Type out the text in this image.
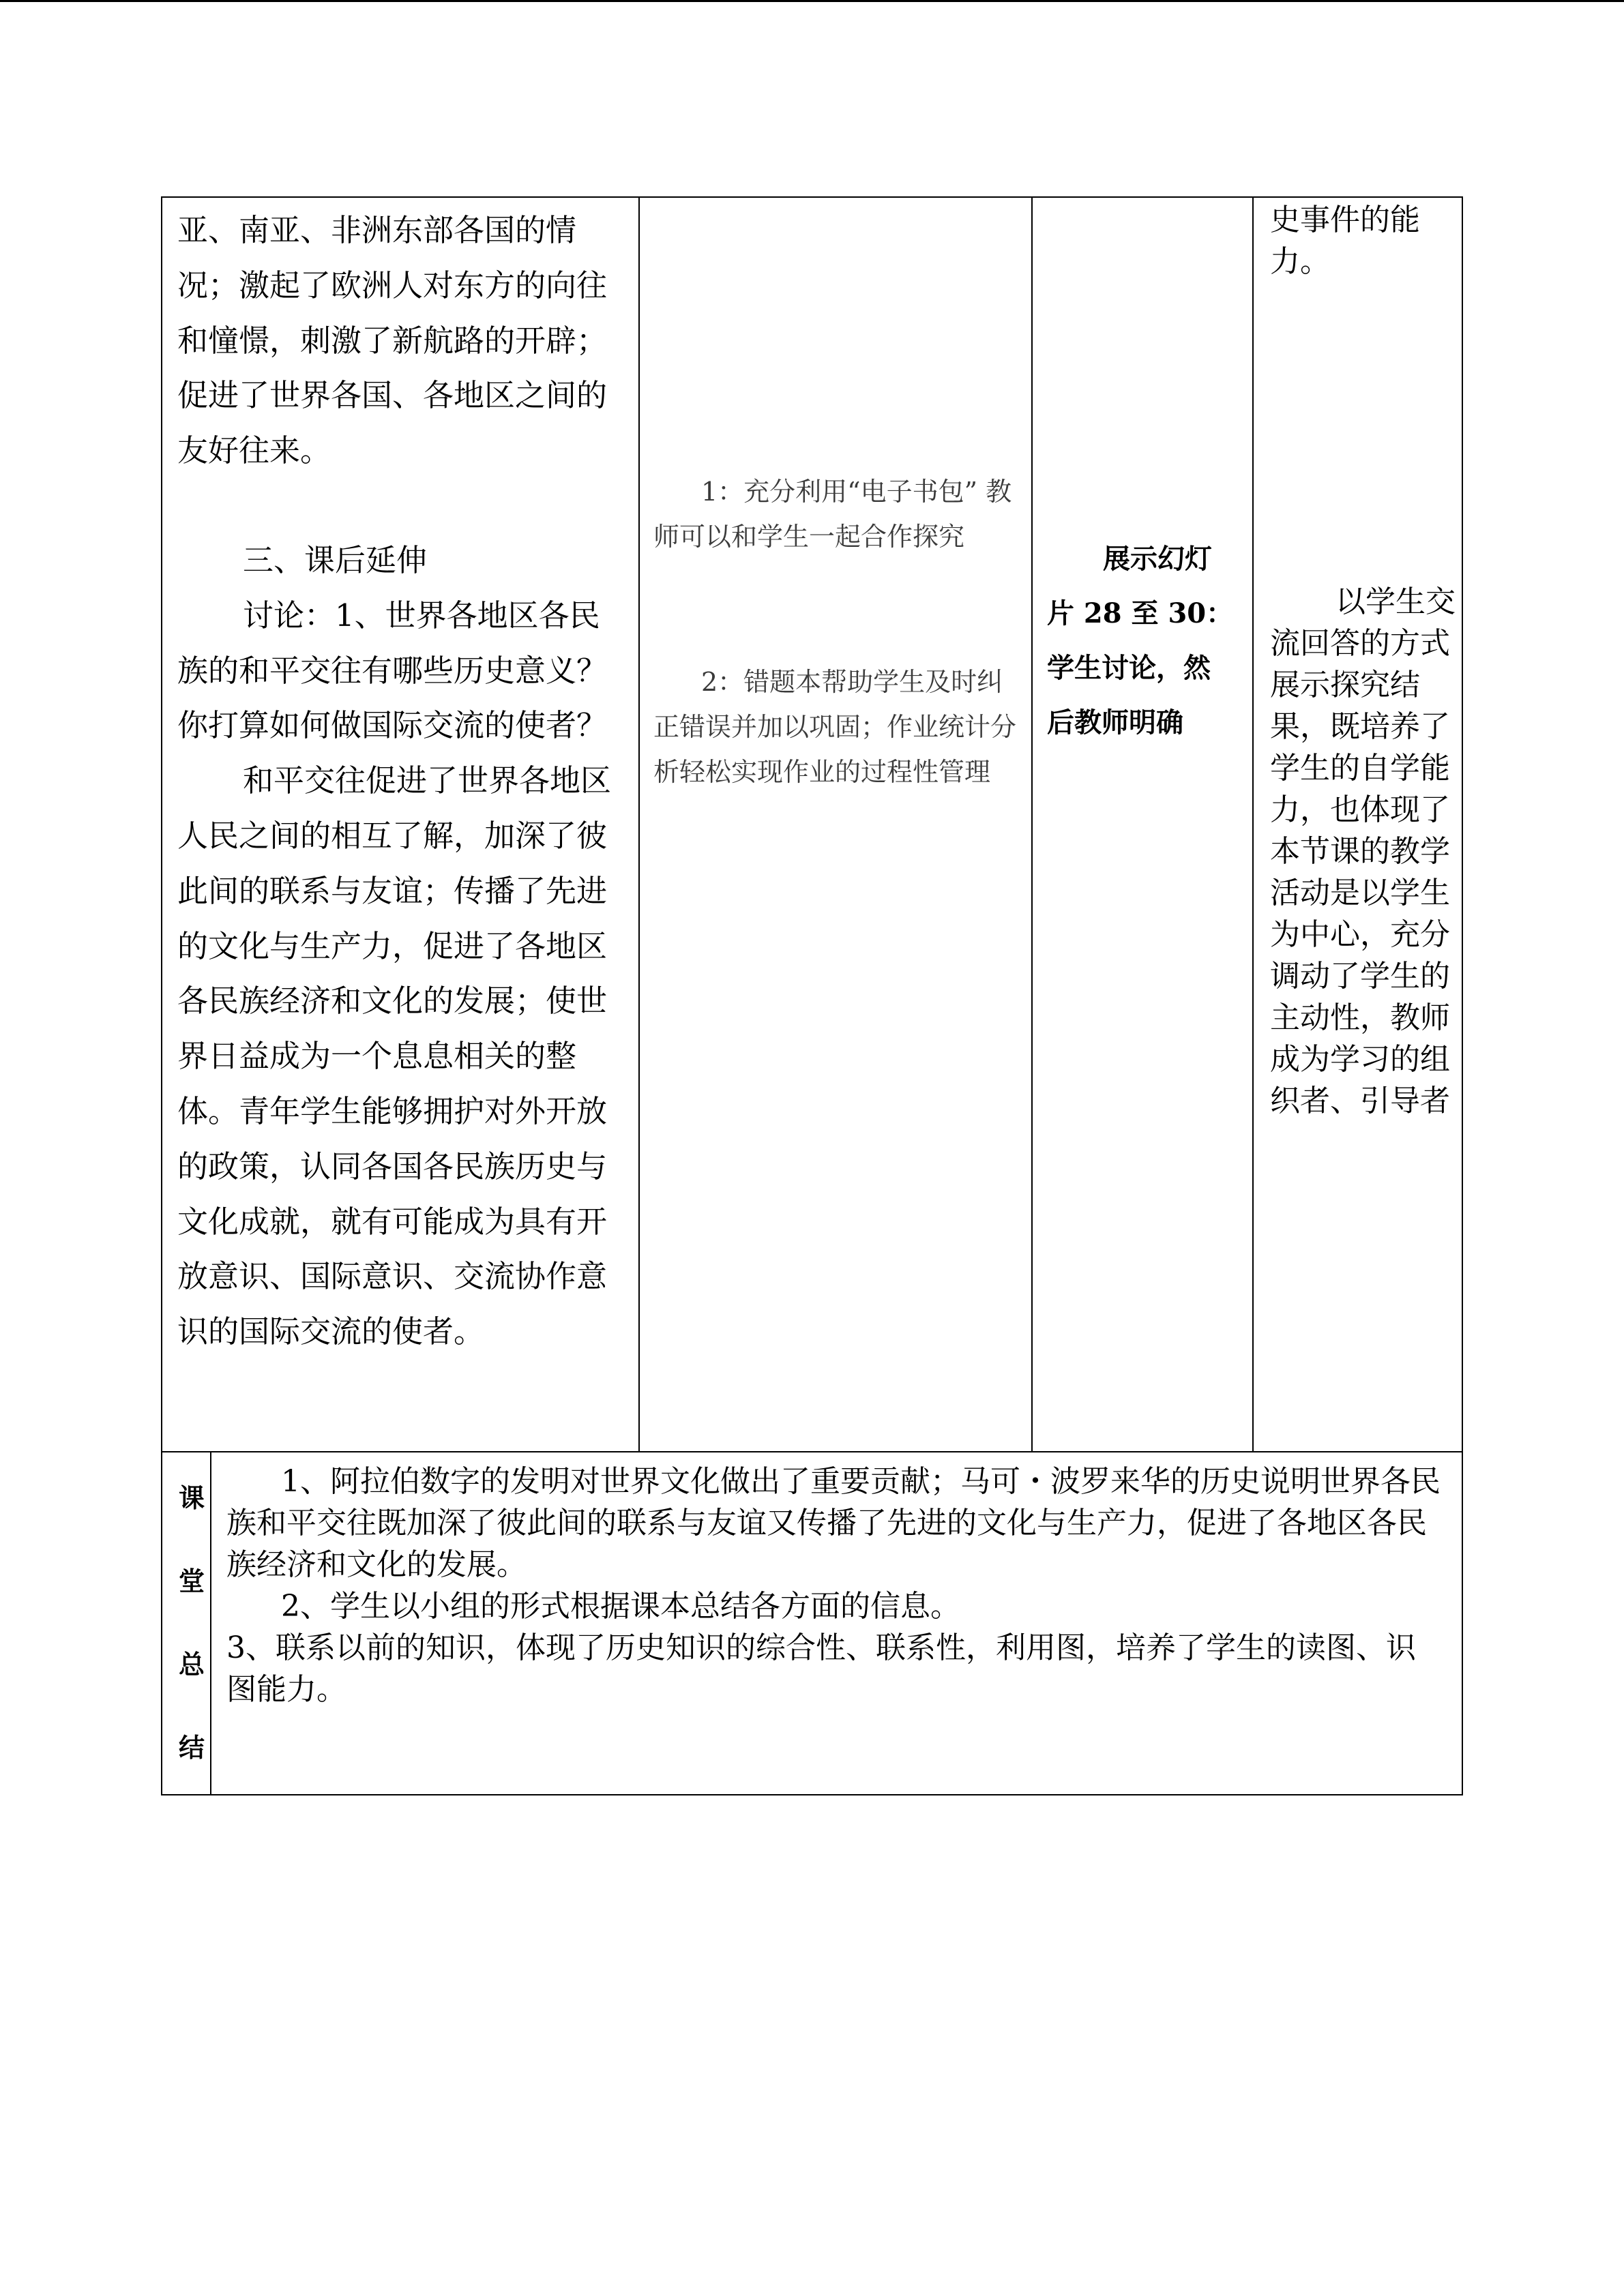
亚、南亚、非洲东部各国的情况；激起了欧洲人对东方的向往和憧憬，刺激了新航路的开辟；促进了世界各国、各地区之间的友好往来。

三、课后延伸

讨论：1、世界各地区各民族的和平交往有哪些历史意义？你打算如何做国际交流的使者？

和平交往促进了世界各地区人民之间的相互了解，加深了彼此间的联系与友谊；传播了先进的文化与生产力，促进了各地区各民族经济和文化的发展；使世界日益成为一个息息相关的整体。青年学生能够拥护对外开放的政策，认同各国各民族历史与文化成就，就有可能成为具有开放意识、国际意识、交流协作意识的国际交流的使者。

1：充分利用“电子书包” 教师可以和学生一起合作探究

2：错题本帮助学生及时纠正错误并加以巩固；作业统计分析轻松实现作业的过程性管理

展示幻灯

片 28 至 30：

学生讨论，然

后教师明确

史事件的能力。

以学生交流回答的方式展示探究结果，既培养了学生的自学能力，也体现了本节课的教学活动是以学生为中心，充分调动了学生的主动性，教师成为学习的组织者、引导者

课
堂
总
结

1、阿拉伯数字的发明对世界文化做出了重要贡献；马可・波罗来华的历史说明世界各民族和平交往既加深了彼此间的联系与友谊又传播了先进的文化与生产力，促进了各地区各民族经济和文化的发展。

2、学生以小组的形式根据课本总结各方面的信息。

3、联系以前的知识，体现了历史知识的综合性、联系性，利用图，培养了学生的读图、识图能力。
